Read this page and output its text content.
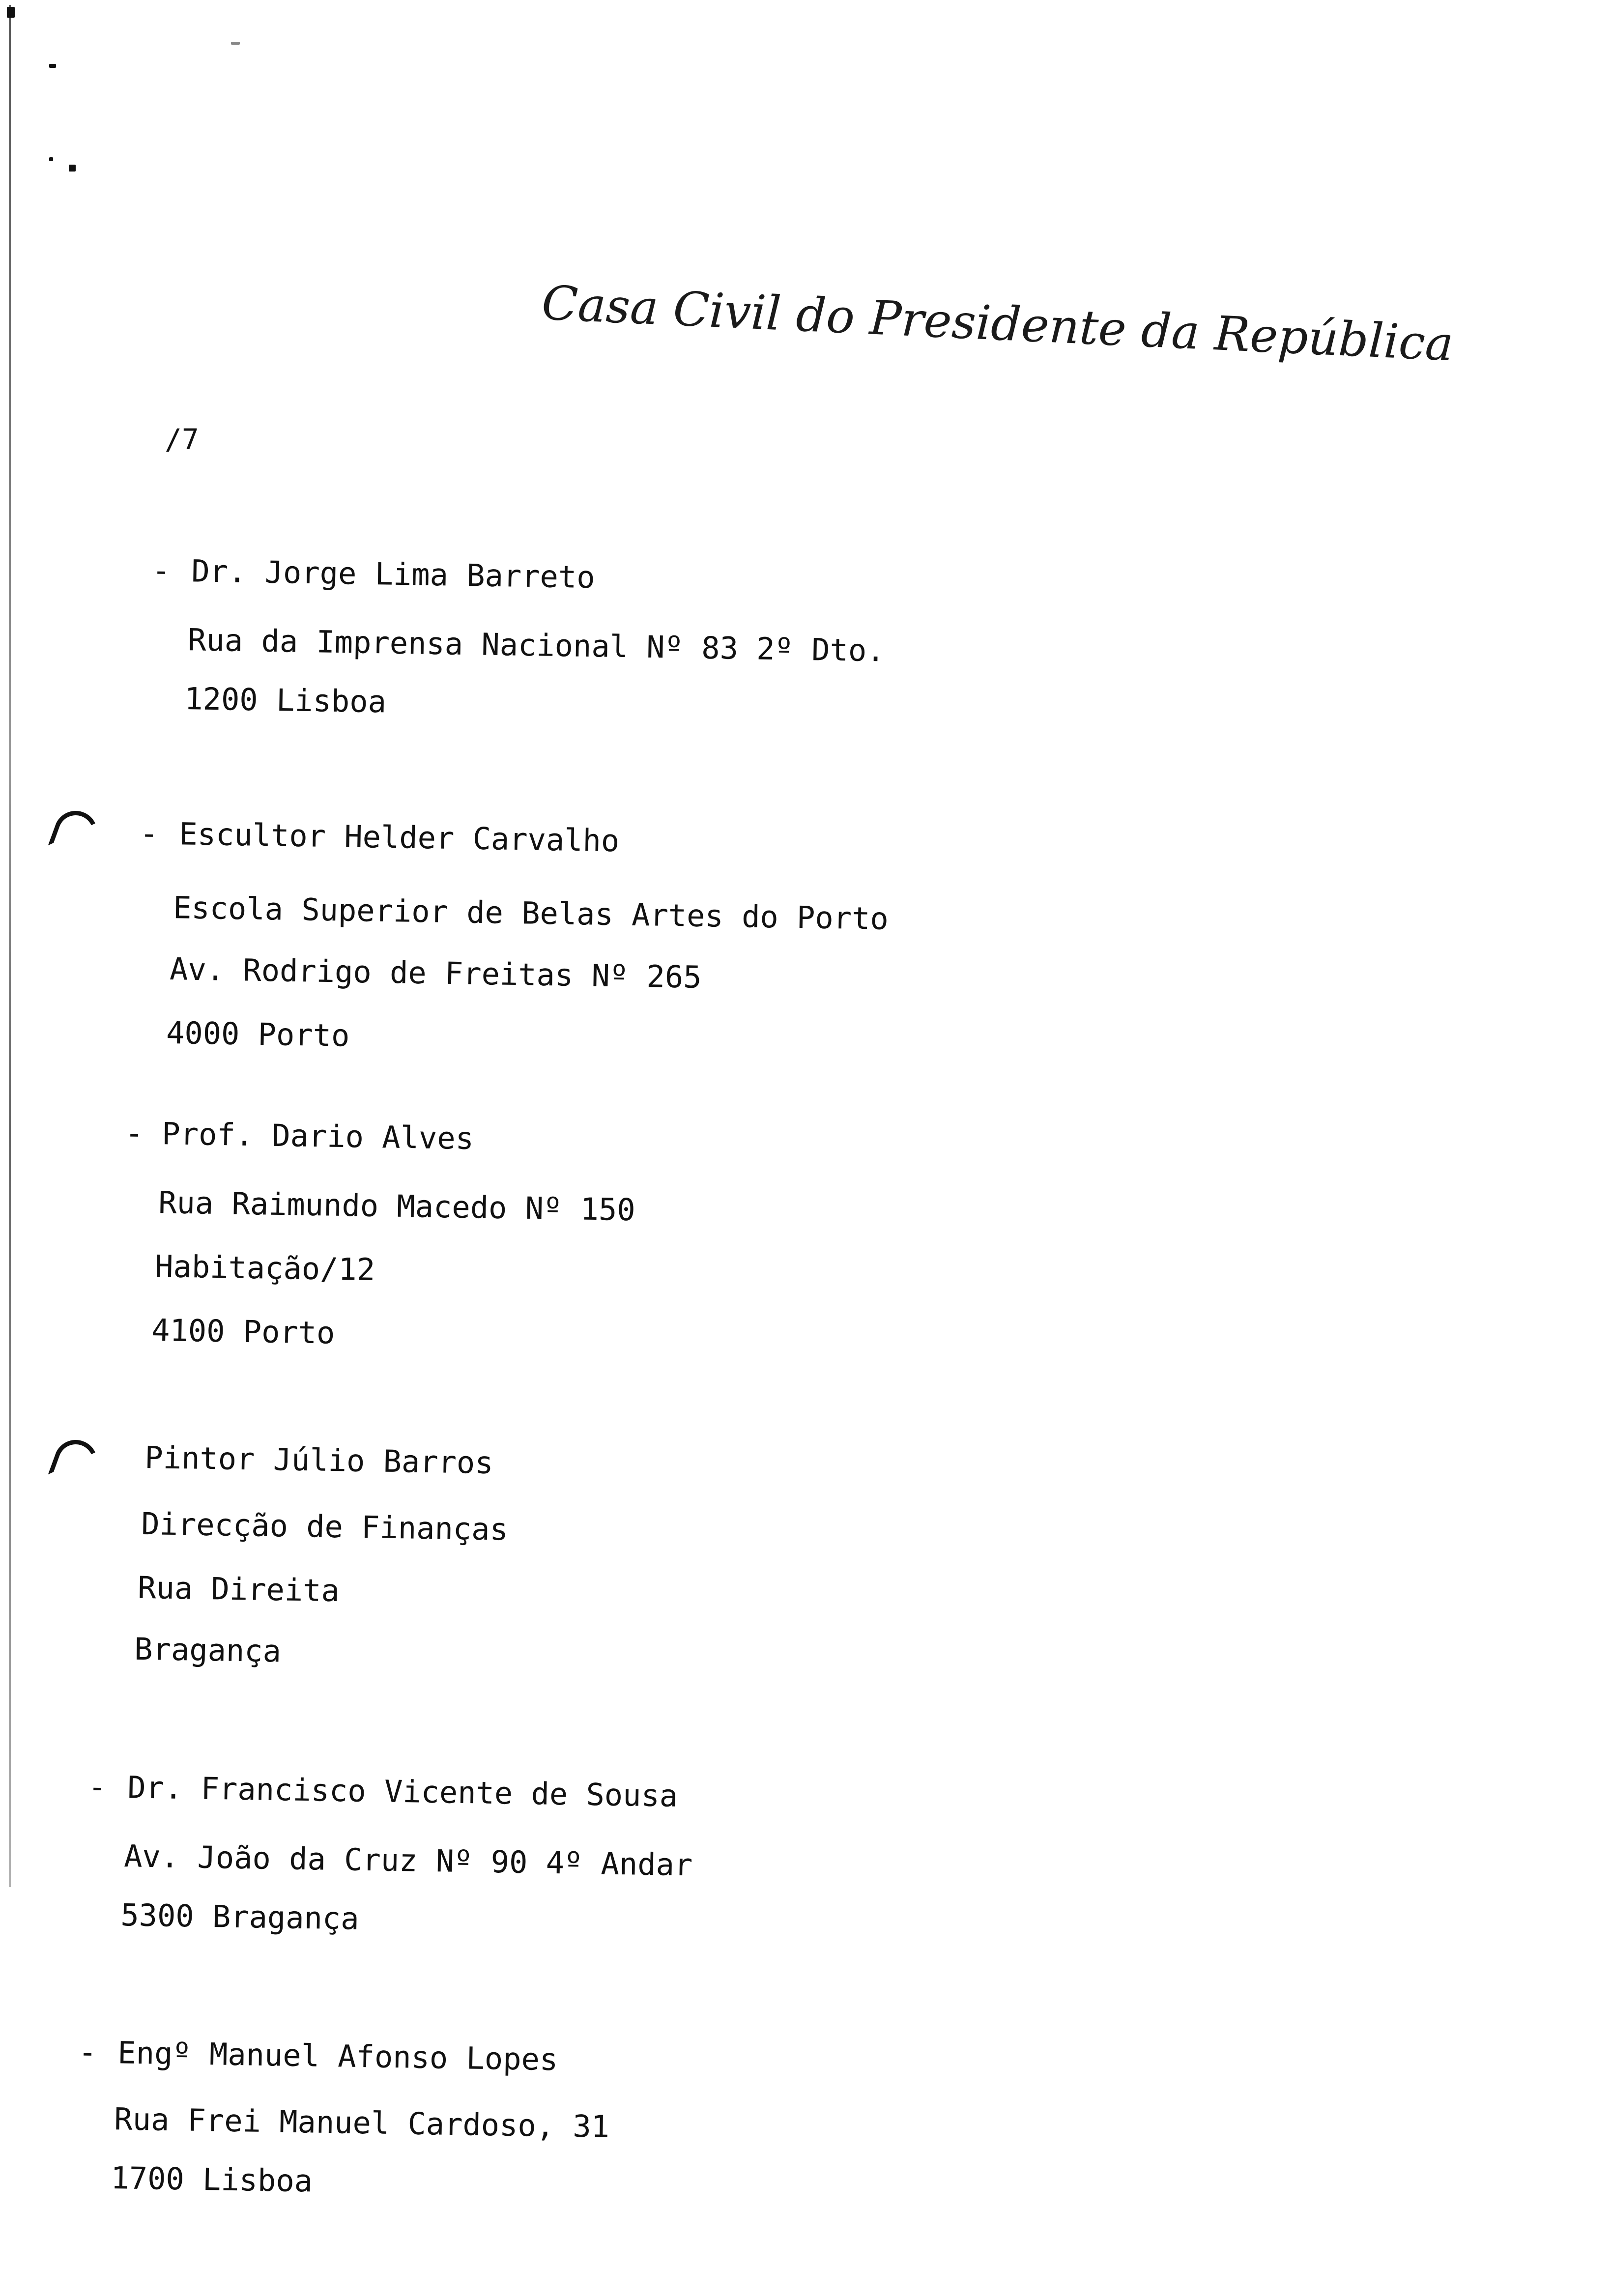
Casa Civil do Presidente da República
/7
- Dr. Jorge Lima Barreto
Rua da Imprensa Nacional Nº 83 2º Dto.
1200 Lisboa
- Escultor Helder Carvalho
Escola Superior de Belas Artes do Porto
Av. Rodrigo de Freitas Nº 265
4000 Porto
- Prof. Dario Alves
Rua Raimundo Macedo Nº 150
Habitação/12
4100 Porto
Pintor Júlio Barros
Direcção de Finanças
Rua Direita
Bragança
- Dr. Francisco Vicente de Sousa
Av. João da Cruz Nº 90 4º Andar
5300 Bragança
- Engº Manuel Afonso Lopes
Rua Frei Manuel Cardoso, 31
1700 Lisboa
